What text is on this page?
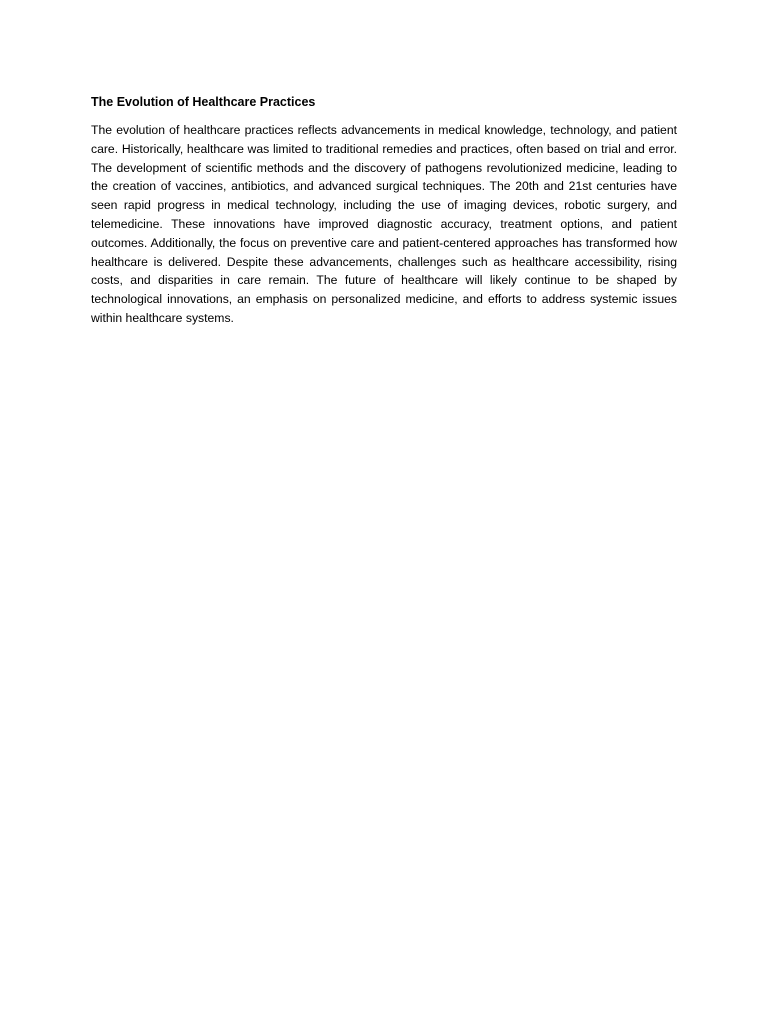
The Evolution of Healthcare Practices

The evolution of healthcare practices reflects advancements in medical knowledge, technology, and patient care. Historically, healthcare was limited to traditional remedies and practices, often based on trial and error. The development of scientific methods and the discovery of pathogens revolutionized medicine, leading to the creation of vaccines, antibiotics, and advanced surgical techniques. The 20th and 21st centuries have seen rapid progress in medical technology, including the use of imaging devices, robotic surgery, and telemedicine. These innovations have improved diagnostic accuracy, treatment options, and patient outcomes. Additionally, the focus on preventive care and patient-centered approaches has transformed how healthcare is delivered. Despite these advancements, challenges such as healthcare accessibility, rising costs, and disparities in care remain. The future of healthcare will likely continue to be shaped by technological innovations, an emphasis on personalized medicine, and efforts to address systemic issues within healthcare systems.
